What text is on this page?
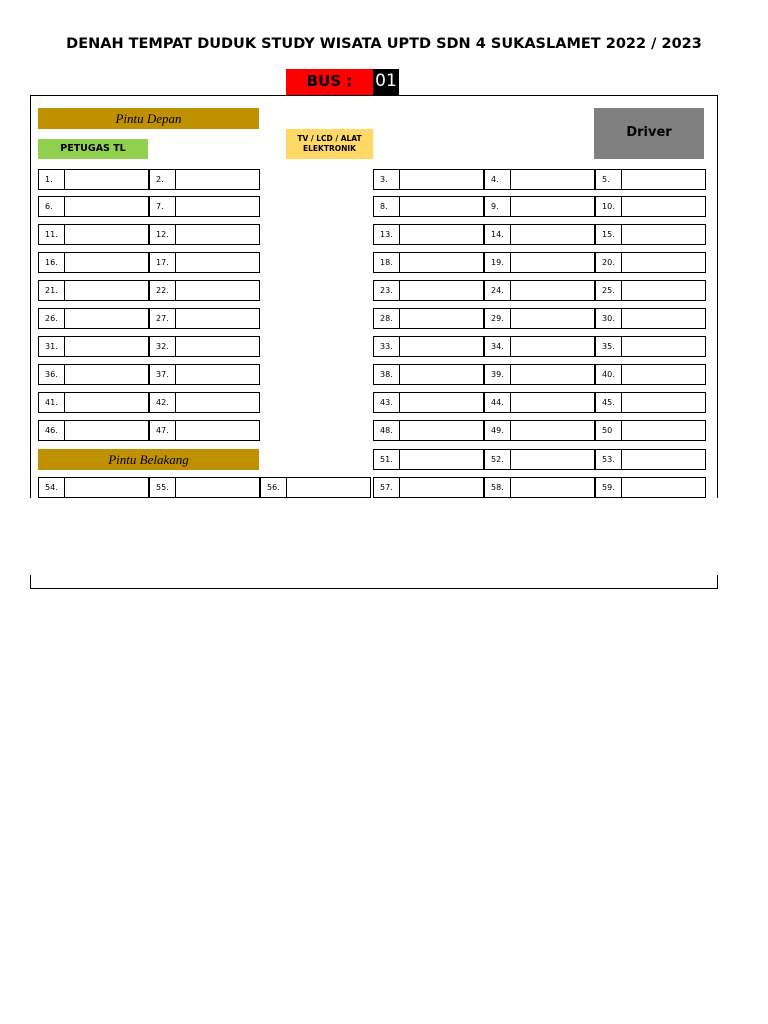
DENAH TEMPAT DUDUK STUDY WISATA UPTD SDN 4 SUKASLAMET 2022 / 2023
BUS :	01
Pintu Depan
PETUGAS TL
TV / LCD / ALAT ELEKTRONIK
Driver
Pintu Belakang
1.	2.	3.	4.	5.
6.	7.	8.	9.	10.
11.	12.	13.	14.	15.
16.	17.	18.	19.	20.
21.	22.	23.	24.	25.
26.	27.	28.	29.	30.
31.	32.	33.	34.	35.
36.	37.	38.	39.	40.
41.	42.	43.	44.	45.
46.	47.	48.	49.	50
51.	52.	53.
54.	55.	56.	57.	58.	59.
